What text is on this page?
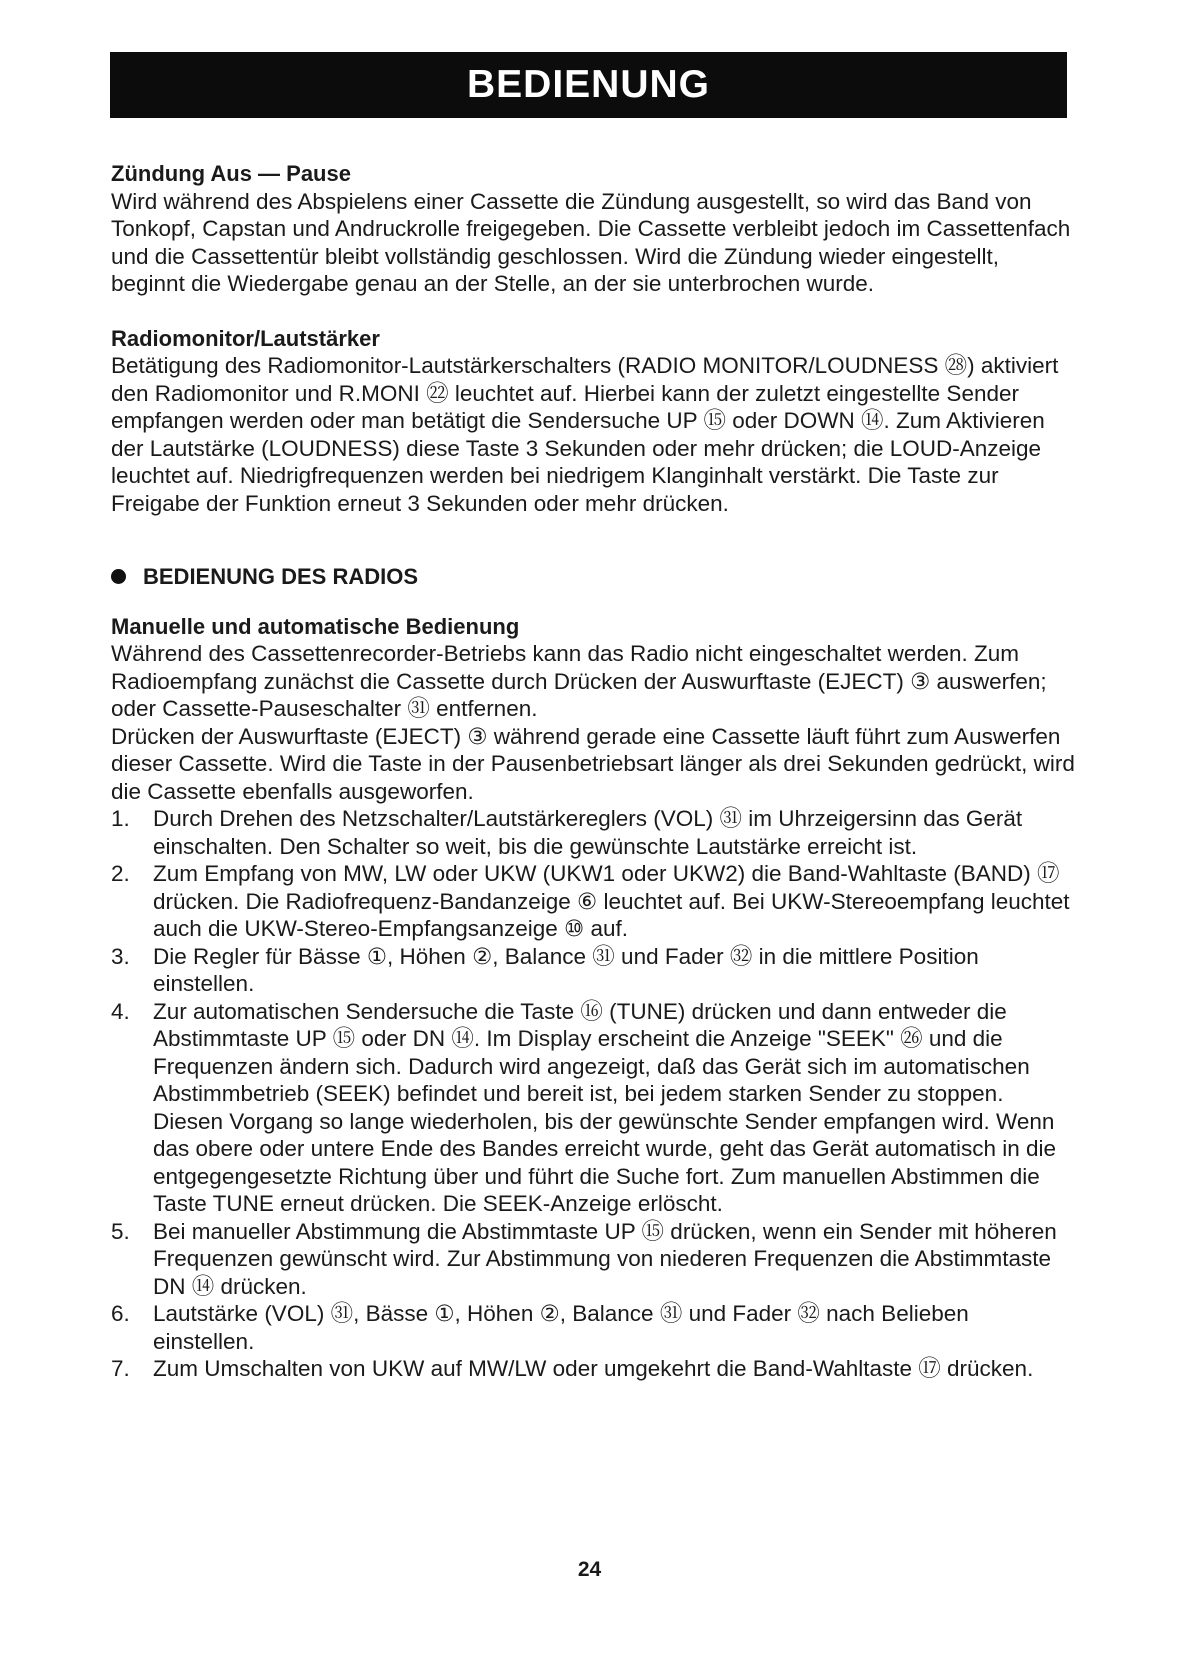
BEDIENUNG
Zündung Aus — Pause

Wird während des Abspielens einer Cassette die Zündung ausgestellt, so wird das Band von Tonkopf, Capstan und Andruckrolle freigegeben. Die Cassette verbleibt jedoch im Cassettenfach und die Cassettentür bleibt vollständig geschlossen. Wird die Zündung wieder eingestellt, beginnt die Wiedergabe genau an der Stelle, an der sie unterbrochen wurde.

Radiomonitor/Lautstärker

Betätigung des Radiomonitor-Lautstärkerschalters (RADIO MONITOR/LOUDNESS ㉘) aktiviert den Radiomonitor und R.MONI ㉒ leuchtet auf. Hierbei kann der zuletzt eingestellte Sender empfangen werden oder man betätigt die Sendersuche UP ⑮ oder DOWN ⑭. Zum Aktivieren der Lautstärke (LOUDNESS) diese Taste 3 Sekunden oder mehr drücken; die LOUD-Anzeige leuchtet auf. Niedrigfrequenzen werden bei niedrigem Klanginhalt verstärkt. Die Taste zur Freigabe der Funktion erneut 3 Sekunden oder mehr drücken.

BEDIENUNG DES RADIOS
Manuelle und automatische Bedienung

Während des Cassettenrecorder-Betriebs kann das Radio nicht eingeschaltet werden. Zum Radioempfang zunächst die Cassette durch Drücken der Auswurftaste (EJECT) ③ auswerfen; oder Cassette-Pauseschalter ㉛ entfernen.

Drücken der Auswurftaste (EJECT) ③ während gerade eine Cassette läuft führt zum Auswerfen dieser Cassette. Wird die Taste in der Pausenbetriebsart länger als drei Sekunden gedrückt, wird die Cassette ebenfalls ausgeworfen.

1.	Durch Drehen des Netzschalter/Lautstärkereglers (VOL) ㉛ im Uhrzeigersinn das Gerät einschalten. Den Schalter so weit, bis die gewünschte Lautstärke erreicht ist.
2.	Zum Empfang von MW, LW oder UKW (UKW1 oder UKW2) die Band-Wahltaste (BAND) ⑰ drücken. Die Radiofrequenz-Bandanzeige ⑥ leuchtet auf. Bei UKW-Stereoempfang leuchtet auch die UKW-Stereo-Empfangsanzeige ⑩ auf.
3.	Die Regler für Bässe ①, Höhen ②, Balance ㉛ und Fader ㉜ in die mittlere Position einstellen.
4.	Zur automatischen Sendersuche die Taste ⑯ (TUNE) drücken und dann entweder die Abstimmtaste UP ⑮ oder DN ⑭. Im Display erscheint die Anzeige "SEEK" ㉖ und die Frequenzen ändern sich. Dadurch wird angezeigt, daß das Gerät sich im automatischen Abstimmbetrieb (SEEK) befindet und bereit ist, bei jedem starken Sender zu stoppen. Diesen Vorgang so lange wiederholen, bis der gewünschte Sender empfangen wird. Wenn das obere oder untere Ende des Bandes erreicht wurde, geht das Gerät automatisch in die entgegengesetzte Richtung über und führt die Suche fort. Zum manuellen Abstimmen die Taste TUNE erneut drücken. Die SEEK-Anzeige erlöscht.
5.	Bei manueller Abstimmung die Abstimmtaste UP ⑮ drücken, wenn ein Sender mit höheren Frequenzen gewünscht wird. Zur Abstimmung von niederen Frequenzen die Abstimmtaste DN ⑭ drücken.
6.	Lautstärke (VOL) ㉛, Bässe ①, Höhen ②, Balance ㉛ und Fader ㉜ nach Belieben einstellen.
7.	Zum Umschalten von UKW auf MW/LW oder umgekehrt die Band-Wahltaste ⑰ drücken.
24
